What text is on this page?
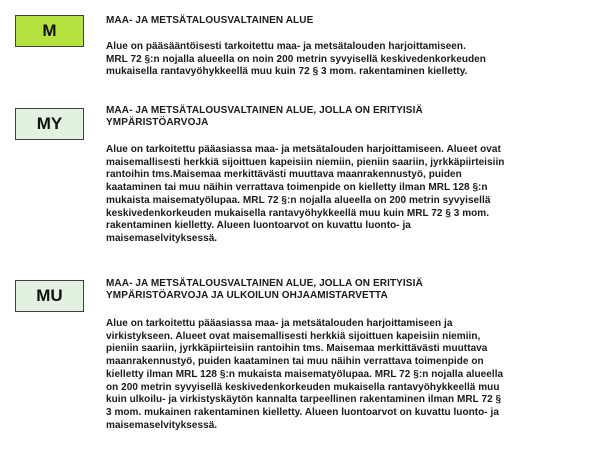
M

MAA- JA METSÄTALOUSVALTAINEN ALUE

Alue on pääsääntöisesti tarkoitettu maa- ja metsätalouden harjoittamiseen.
MRL 72 §:n nojalla alueella on noin 200 metrin syvyisellä keskivedenkorkeuden
mukaisella rantavyöhykkeellä muu kuin 72 § 3 mom. rakentaminen kielletty.

MY

MAA- JA METSÄTALOUSVALTAINEN ALUE, JOLLA ON ERITYISIÄ
YMPÄRISTÖARVOJA

Alue on tarkoitettu pääasiassa maa- ja metsätalouden harjoittamiseen. Alueet ovat
maisemallisesti herkkiä sijoittuen kapeisiin niemiin, pieniin saariin, jyrkkäpiirteisiin
rantoihin tms.Maisemaa merkittävästi muuttava maanrakennustyö, puiden
kaataminen tai muu näihin verrattava toimenpide on kielletty ilman MRL 128 §:n
mukaista maisematyölupaa. MRL 72 §:n nojalla alueella on 200 metrin syvyisellä
keskivedenkorkeuden mukaisella rantavyöhykkeellä muu kuin MRL 72 § 3 mom.
rakentaminen kielletty. Alueen luontoarvot on kuvattu luonto- ja
maisemaselvityksessä.

MU

MAA- JA METSÄTALOUSVALTAINEN ALUE, JOLLA ON ERITYISIÄ
YMPÄRISTÖARVOJA JA ULKOILUN OHJAAMISTARVETTA

Alue on tarkoitettu pääasiassa maa- ja metsätalouden harjoittamiseen ja
virkistykseen. Alueet ovat maisemallisesti herkkiä sijoittuen kapeisiin niemiin,
pieniin saariin, jyrkkäpiirteisiin rantoihin tms. Maisemaa merkittävästi muuttava
maanrakennustyö, puiden kaataminen tai muu näihin verrattava toimenpide on
kielletty ilman MRL 128 §:n mukaista maisematyölupaa. MRL 72 §:n nojalla alueella
on 200 metrin syvyisellä keskivedenkorkeuden mukaisella rantavyöhykkeellä muu
kuin ulkoilu- ja virkistyskäytön kannalta tarpeellinen rakentaminen ilman MRL 72 §
3 mom. mukainen rakentaminen kielletty. Alueen luontoarvot on kuvattu luonto- ja
maisemaselvityksessä.
